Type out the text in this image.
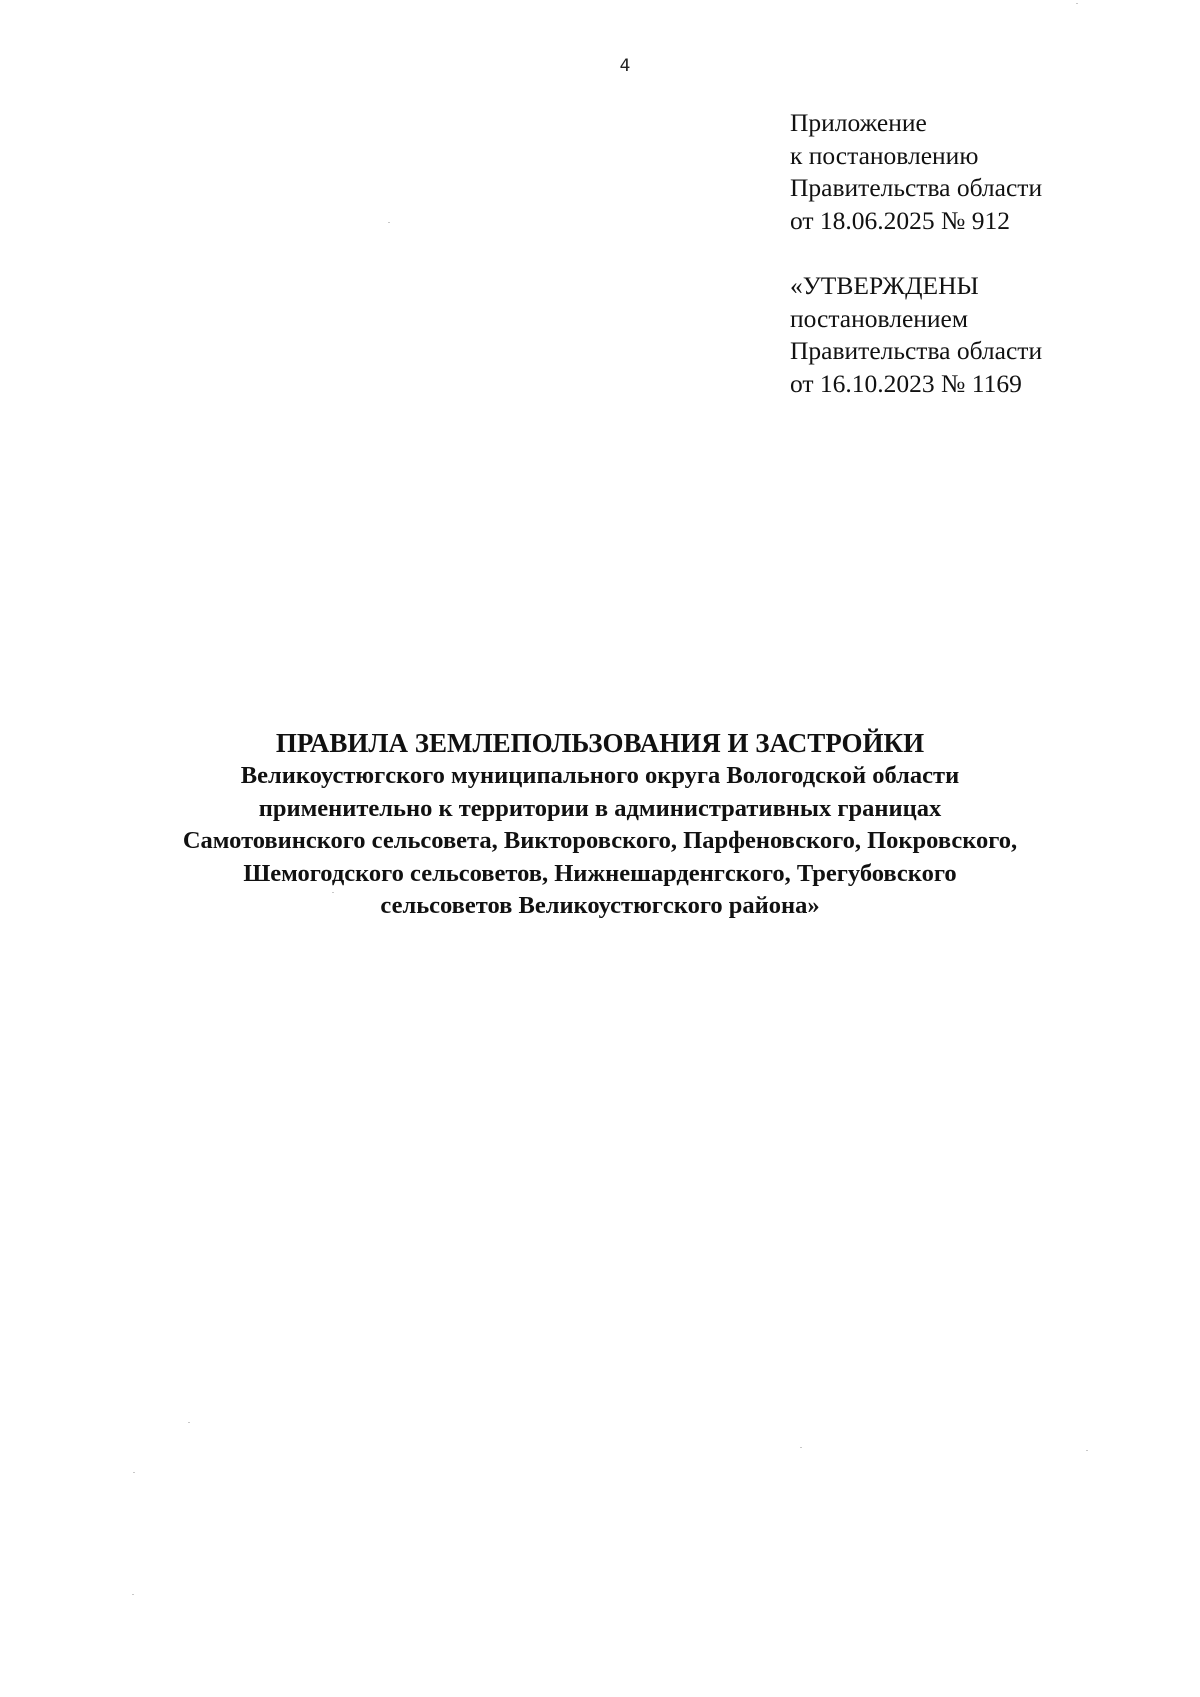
4
Приложение
к постановлению
Правительства области
от 18.06.2025 № 912
«УТВЕРЖДЕНЫ
постановлением
Правительства области
от 16.10.2023 № 1169
ПРАВИЛА ЗЕМЛЕПОЛЬЗОВАНИЯ И ЗАСТРОЙКИ
Великоустюгского муниципального округа Вологодской области
применительно к территории в административных границах
Самотовинского сельсовета, Викторовского, Парфеновского, Покровского,
Шемогодского сельсоветов, Нижнешарденгского, Трегубовского
сельсоветов Великоустюгского района»
